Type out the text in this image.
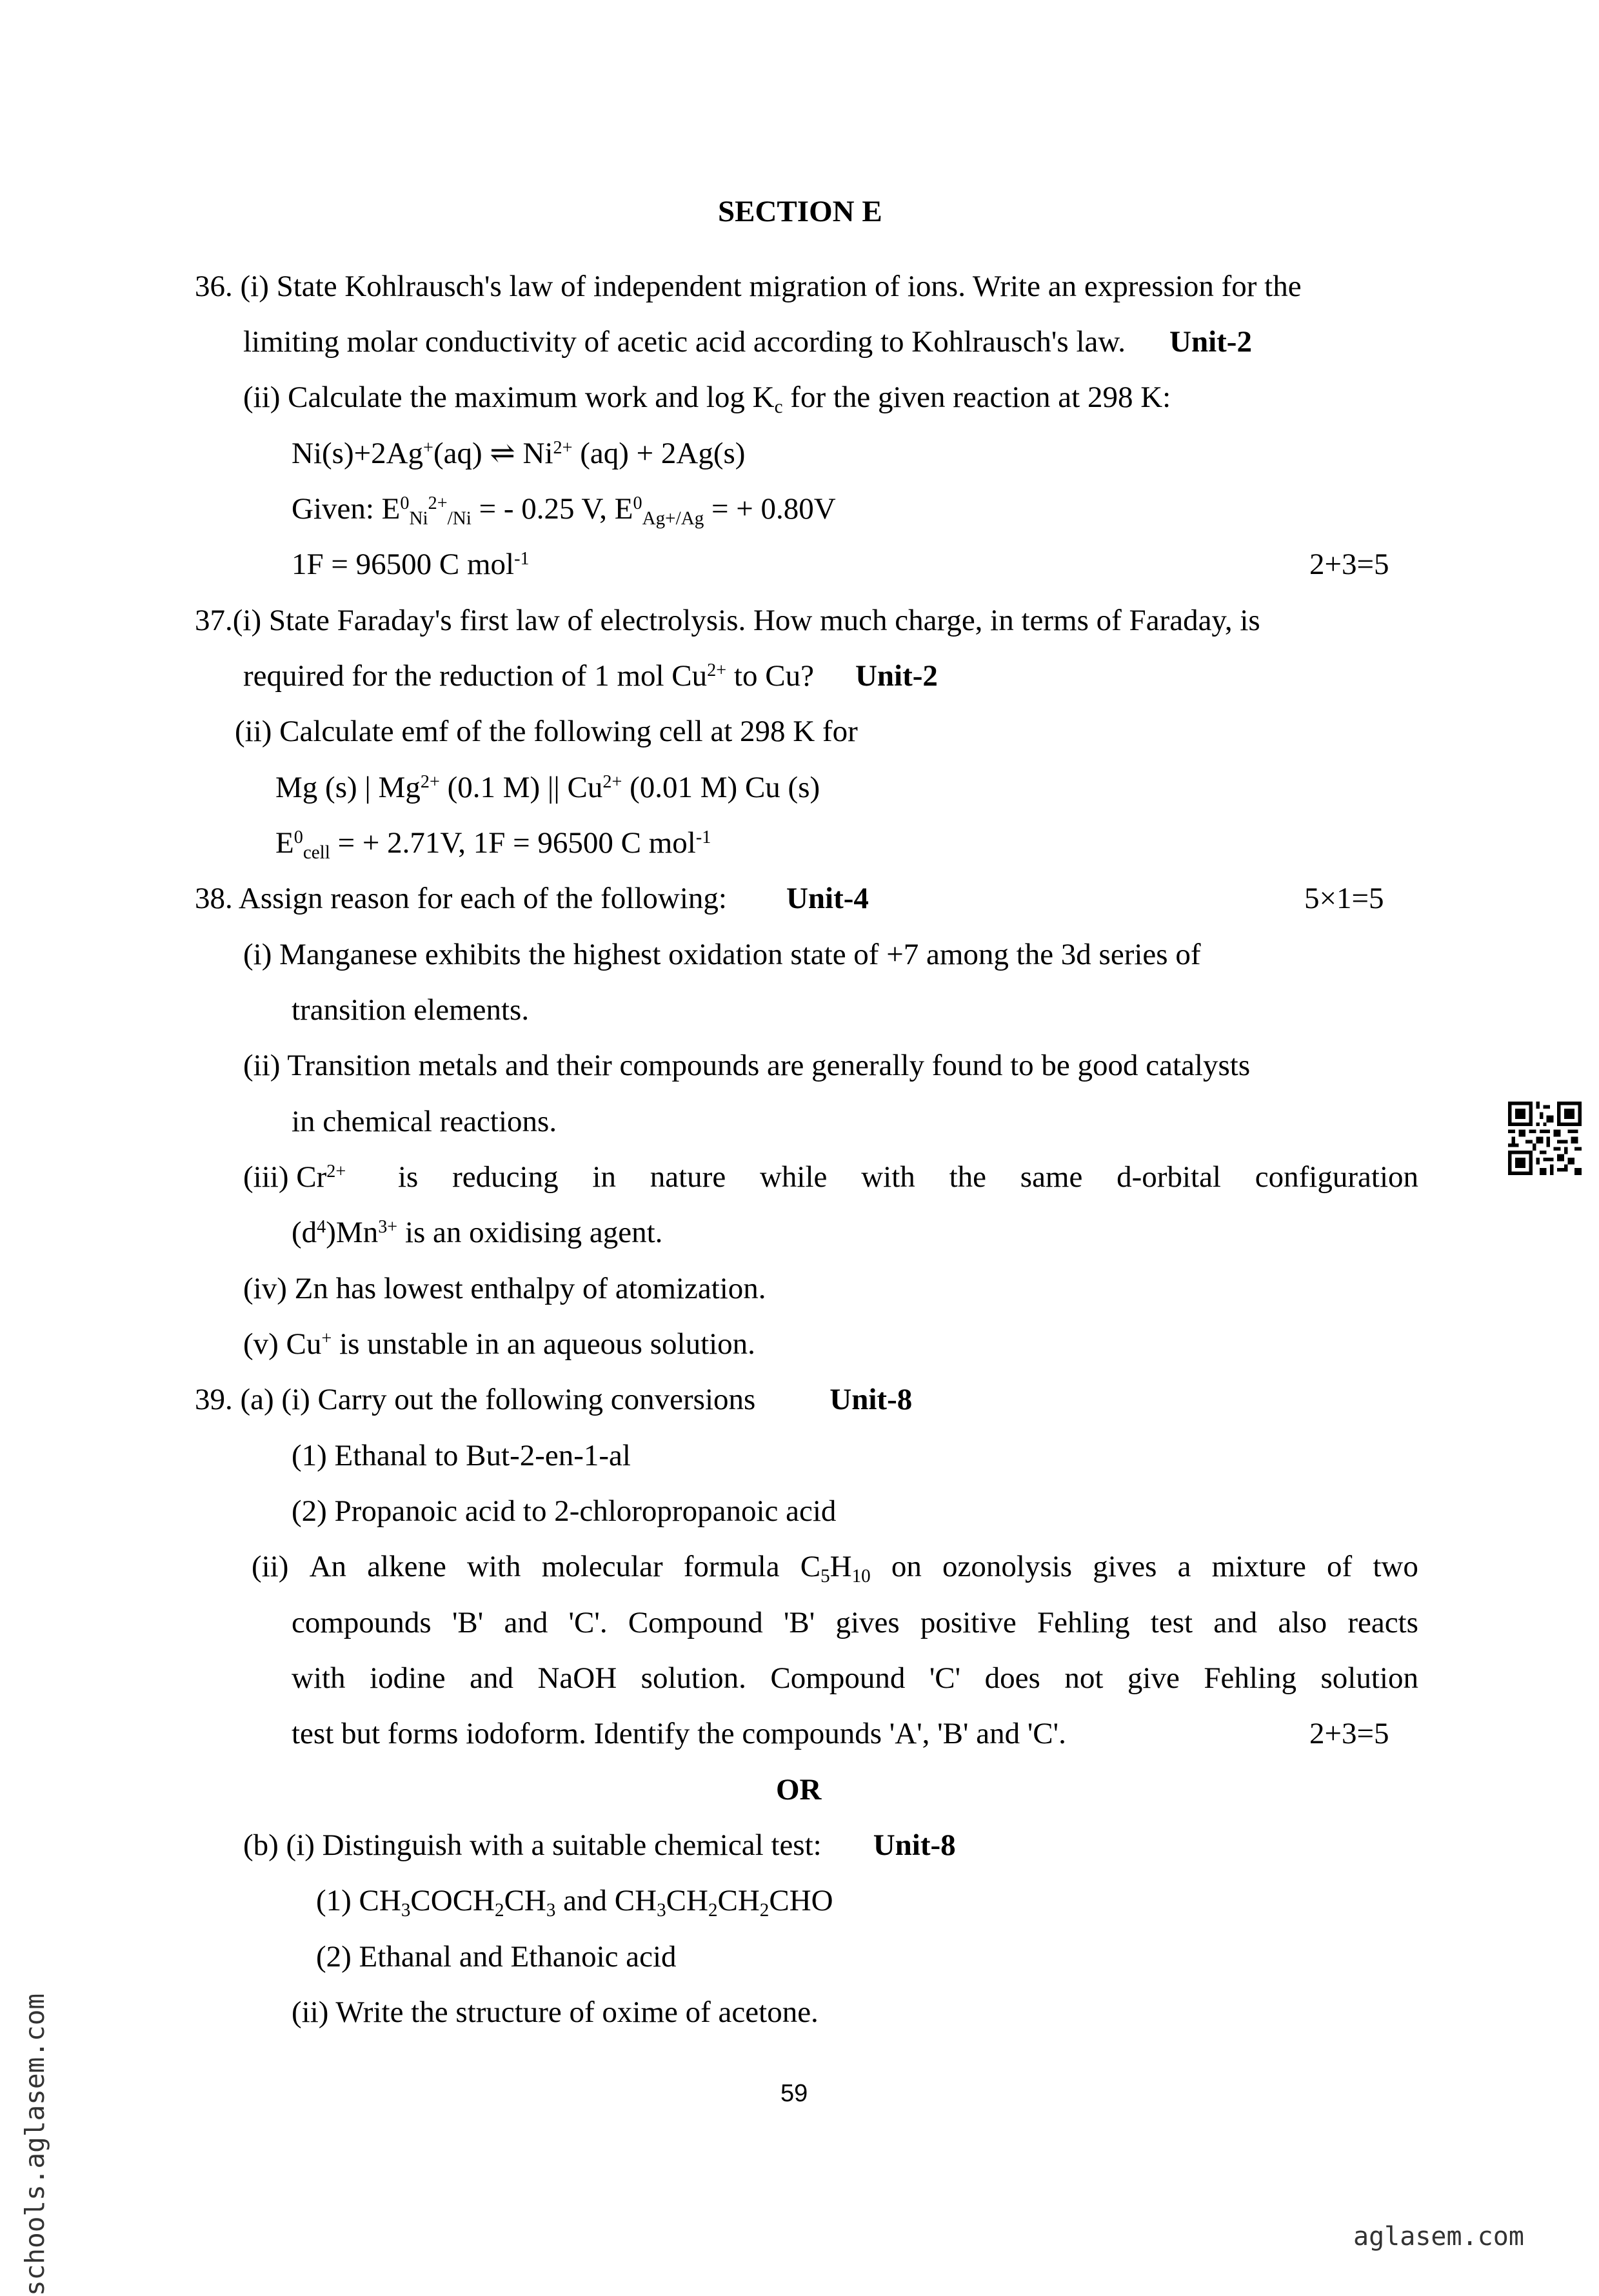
SECTION E
36. (i) State Kohlrausch's law of independent migration of ions. Write an expression for the
limiting molar conductivity of acetic acid according to Kohlrausch's law. Unit-2
(ii) Calculate the maximum work and $\log K_c$ for the given reaction at 298 K:
Ni(s)+2Ag+(aq) ⇌ $Ni^{2+}$ (aq) + 2Ag(s)
Given: $E^0_{Ni}^{2+}_{/Ni}$ = - 0.25 V, $E^0_{Ag+/Ag}$ = + 0.80V
1F = 96500 C mol$^{-1}$	2+3=5
37.(i) State Faraday's first law of electrolysis. How much charge, in terms of Faraday, is
required for the reduction of 1 mol $Cu^{2+}$ to Cu? Unit-2
(ii) Calculate emf of the following cell at 298 K for
Mg (s) | $Mg^{2+}$ (0.1 M) || $Cu^{2+}$ (0.01 M) Cu (s)
$E^0_{cell}$ = + 2.71V, 1F = 96500 C mol$^{-1}$
38. Assign reason for each of the following: Unit-4	5×1=5
(i) Manganese exhibits the highest oxidation state of +7 among the 3d series of
transition elements.
(ii) Transition metals and their compounds are generally found to be good catalysts
in chemical reactions.
(iii) $Cr^{2+}$ is reducing in nature while with the same d-orbital configuration
$(d^4)Mn^{3+}$ is an oxidising agent.
(iv) Zn has lowest enthalpy of atomization.
(v) Cu+ is unstable in an aqueous solution.
39. (a) (i) Carry out the following conversions Unit-8
(1) Ethanal to But-2-en-1-al
(2) Propanoic acid to 2-chloropropanoic acid
(ii) An alkene with molecular formula $C_5H_{10}$ on ozonolysis gives a mixture of two
compounds 'B' and 'C'. Compound 'B' gives positive Fehling test and also reacts
with iodine and NaOH solution. Compound 'C' does not give Fehling solution
test but forms iodoform. Identify the compounds 'A', 'B' and 'C'.	2+3=5
OR
(b) (i) Distinguish with a suitable chemical test: Unit-8
(1) $CH_3COCH_2CH_3$ and $CH_3CH_2CH_2CHO$
(2) Ethanal and Ethanoic acid
(ii) Write the structure of oxime of acetone.
59
schools.aglasem.com	aglasem.com
